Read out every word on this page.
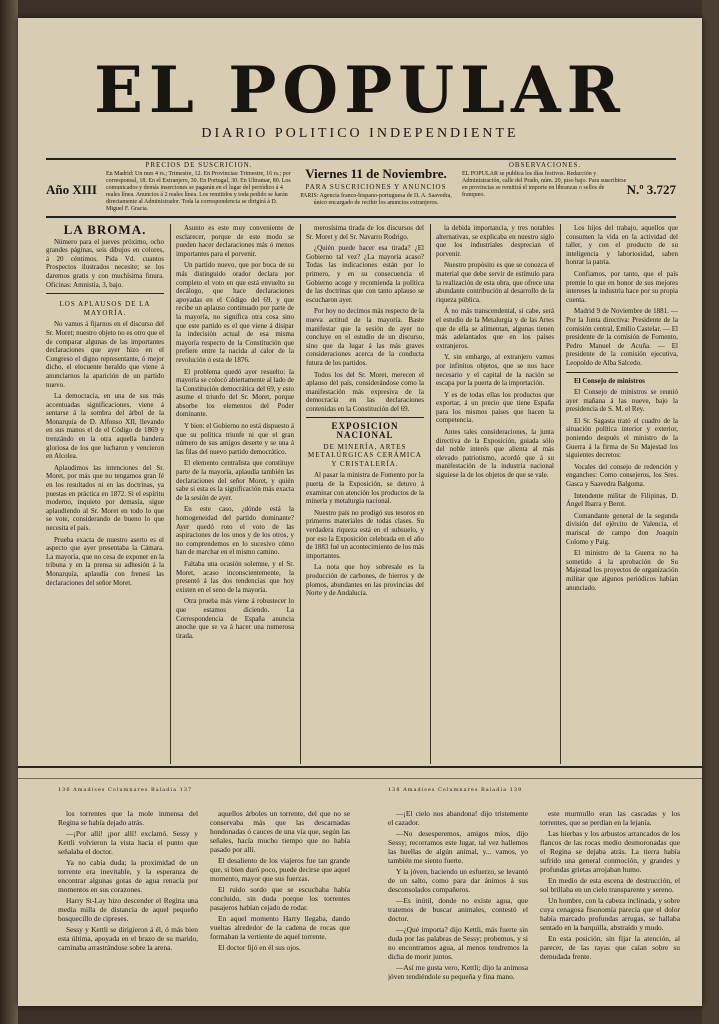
EL POPULAR
DIARIO POLITICO INDEPENDIENTE
Año XIII
PRECIOS DE SUSCRICION.
En Madrid: Un mes 4 rs.; Trimestre, 12. En Provincias: Trimestre, 16 rs.; por corresponsal, 18. En el Extranjero, 30. En Portugal, 30. En Ultramar, 80. Los comunicados y demás inserciones se pagarán en el lugar del periódico á 4 reales línea. Anuncios á 2 reales línea. Los remitidos y toda pedido se harán directamente al Administrador. Toda la correspondencia se dirigirá á D. Miguel F. Gracia.
Viernes 11 de Noviembre.
PARA SUSCRICIONES Y ANUNCIOS
PARIS: Agencia franco-hispano-portuguesa de D. A. Saavedra, único encargado de recibir los anuncios extranjeros.
OBSERVACIONES.
EL POPULAR se publica los días festivos. Redacción y Administración, calle del Prado, núm. 20, piso bajo. Para suscribirse en provincias se remitirá el importe en libranzas o sellos de franqueo.	N.º 3.727
LA BROMA.

Número para el jueves próximo, ocho grandes páginas, seis dibujos en colores, á 20 céntimos. Pida Vd. cuantos Prospectos ilustrados necesite; se los daremos gratis y con muchísima finura. Oficinas: Amnistía, 3, bajo.

LOS APLAUSOS DE LA MAYORÍA.

No vamos á fijarnos en el discurso del Sr. Moret; nuestro objeto no es otro que el de comparar algunas de las importantes declaraciones que ayer hizo en el Congreso el digno representante, ó mejor dicho, el elocuente heraldo que viene á anunciarnos la aparición de un partido nuevo.

La democracia, en una de sus más accentuadas significaciones, viene á sentarse á la sombra del árbol de la Monarquía de D. Alfonso XII, llevando en sus manos el de el Código de 1869 y trenzándo en la otra aquella bandera gloriosa de los que lucharon y vencieron en Alcolea.

Aplaudimos las intenciones del Sr. Moret, por más que no tengamos gran fé en los resultados ni en las doctrinas, ya puestas en práctica en 1872. Si el espíritu moderno, inquieto por demasía, sigue aplaudiendo al Sr. Moret en todo lo que se vote, considerando de bueno lo que necesita el país.

Prueba exacta de nuestro aserto es el aspecto que ayer presentaba la Cámara. La mayoría, que no cesa de exponer en la tribuna y en la prensa su adhesión á la Monarquía, aplaudía con frenesí las declaraciones del señor Moret.

Asunto es este muy conveniente de esclarecer, porque de este modo se pueden hacer declaraciones más ó menos importantes para el porvenir.

Un partido nuevo, que por boca de su más distinguido orador declara por completo el voto en que está envuelto su decálogo, que hace declaraciones apoyadas en el Código del 69, y que recibe un aplauso continuado por parte de la mayoría, no significa otra cosa sino que este partido es el que viene á disipar la indecisión actual de esa misma mayoría respecto de la Constitución que prefiere entre la nacida al calor de la revolución ó esta de 1876.

El problema quedó ayer resuelto: la mayoría se colocó abiertamente al lado de la Constitución democrática del 69, y esto asume el triunfo del Sr. Moret, porque absorbe los elementos del Poder dominante.

Y bien: el Gobierno no está dispuesto á que su política triunfe ni que el gran número de sus amigos deserte y se una á las filas del nuevo partido democrático.

El elemento centralista que constituye parte de la mayoría, aplaudía también las declaraciones del señor Moret, y quién sabe si esta es la significación más exacta de la sesión de ayer.

En este caso, ¿dónde está la homogeneidad del partido dominante? Ayer quedó roto el voto de las aspiraciones de los unos y de los otros, y no comprendemos en lo sucesivo cómo han de marchar en el mismo camino.

Faltaba una ocasión solemne, y el Sr. Moret, acaso inconscientemente, la presentó á las dos tendencias que hoy existen en el seno de la mayoría.

Otra prueba más viene á robustecer lo que estamos diciendo. La Correspondencia de España anuncia anoche que se va á hacer una numerosa tirada.

merosísima tirada de los discursos del Sr. Moret y del Sr. Navarro Rodrigo.

¿Quién puede hacer esa tirada? ¿El Gobierno tal vez? ¿La mayoría acaso? Todas las indicaciones están por lo primero, y en su consecuencia el Gobierno acoge y recomienda la política de las doctrinas que con tanto aplauso se escucharon ayer.

Por hoy no decimos más respecto de la nueva actitud de la mayoría. Baste manifestar que la sesión de ayer no concluye en el estudio de un discurso, sino que da lugar á las más graves consideraciones acerca de la conducta futura de los partidos.

Todos los del Sr. Moret, merecen el aplauso del país, considerándose como la manifestación más expresiva de la democracia en las declaraciones contenidas en la Constitución del 69.

EXPOSICION NACIONAL
DE MINERÍA, ARTES METALÚRGICAS CERÁMICA Y CRISTALERÍA.

Al pasar la ministra de Fomento por la puerta de la Exposición, se detuvo á examinar con atención los productos de la minería y metalurgia nacional.

Nuestro país no prodigó sus tesoros en primeros materiales de todas clases. Su verdadera riqueza está en el subsuelo, y por eso la Exposición celebrada en el año de 1883 fué un acontecimiento de los más importantes.

La nota que hoy sobresale es la producción de carbones, de hierros y de plomos, abundantes en las provincias del Norte y de Andalucía.

la debida importancia, y tres notables alternativas, se explicaba en nuestro siglo que los industriales desprecian el porvenir.

Nuestro propósito es que se conozca el material que debe servir de estímulo para la realización de esta obra, que ofrece una abundante contribución al desarrollo de la riqueza pública.

Á no más transcendental, si cabe, será el estudio de la Metalurgia y de las Artes que de ella se alimentan, algunas tienen más adelantados que en los países extranjeros.

Y, sin embargo, al extranjero vamos por infinitos objetos, que se nos hace necesario y el capital de la nación se escapa por la puerta de la importación.

Y es de todas ellas los productos que exportar, á un precio que tiene España para los mismos países que hacen la competencia.

Antes tales consideraciones, la junta directiva de la Exposición, guiada sólo del noble interés que alienta al más elevado patriotismo, acordó que á su manifestación de la industria nacional siguiese la de los objetos de que se vale.

Los hijos del trabajo, aquellos que consumen la vida en la actividad del taller, y con el producto de su inteligencia y laboriosidad, saben honrar la patria.

Confiamos, por tanto, que el país premie lo que en honor de sus mejores intereses la industria hace por su propia cuenta.

Madrid 9 de Noviembre de 1881. — Por la Junta directiva: Presidente de la comisión central, Emilio Castelar. — El presidente de la comisión de Fomento, Pedro Manuel de Acuña. — El presidente de la comisión ejecutiva, Leopoldo de Alba Salcedo.

El Consejo de ministros

El Consejo de ministros se reunió ayer mañana á las nueve, bajo la presidencia de S. M. el Rey.

El Sr. Sagasta trató el cuadro de la situación política interior y exterior, poniendo después el ministro de la Guerra á la firma de Su Majestad los siguientes decretos:

Vocales del consejo de redención y enganches: Como consejeros, los Sres. Gasca y Saavedra Balgoma.

Intendente militar de Filipinas, D. Ángel Ibarra y Berot.

Comandante general de la segunda división del ejército de Valencia, el mariscal de campo don Joaquín Colomo y Paig.

El ministro de la Guerra no ha sometido á la aprobación de Su Majestad los proyectos de organización militar que algunos periódicos habían anunciado.

136 Amadíses Columnares Baladía 137	138 Amadíses Columnares Baladía 139

los torrentes que la mole inmensa del Regina se había dejado atrás.

—¡Por allí! ¡por allí! exclamó. Sessy y Kettli volvieron la vista hacia el punto que señalaba el doctor.

Ya no cabía duda; la proximidad de un torrente era inevitable, y la esperanza de encontrar algunas gotas de agua renacía por momentos en sus corazones.

Harry St-Lay hizo descender el Regina una media milla de distancia de aquel pequeño bosquecillo de cipreses.

Sessy y Kettli se dirigieron á él, ó más bien esta última, apoyada en el brazo de su marido, caminaba arrastrándose sobre la arena.

aquellos árboles un torrente, del que no se conservaba más que las descarnadas hondonadas ó cauces de una vía que, según las señales, hacía mucho tiempo que no había pasado por allí.

El desaliento de los viajeros fue tan grande que, si bien duró poco, puede decirse que aquel momento, mayor que sus fuerzas.

El ruido sordo que se escuchaba había concluido, sin duda porque los torrentes pasajeros habían cejado de rodar.

En aquel momento Harry llegaba, dando vueltas alrededor de la cadena de rocas que formaban la vertiente de aquel torrente.

El doctor fijó en él sus ojos.

—¡El cielo nos abandona! dijo tristemente el cazador.

—No desesperemos, amigos míos, dijo Sessy; recorramos este lugar, tal vez hallemos las huellas de algún animal, y... vamos, yo también me siento fuerte.

Y la jóven, haciendo un esfuerzo, se levantó de un salto, como para dar ánimos á sus desconsolados compañeros.

—Es inútil, donde no existe agua, que tratemos de buscar animales, contestó el doctor.

—¿Qué importa? dijo Kettli, más fuerte sin duda por las palabras de Sessy; probemos, y si no encontramos agua, al menos tendremos la dicha de morir juntos.

—Así me gusta vero, Kettli; dijo la animosa jóven tendiéndole su pequeña y fina mano.

este murmullo eran las cascadas y los torrentes, que se perdían en la lejanía.

Las hierbas y los arbustos arrancados de los flancos de las rocas medio desmoronadas que el Regina se dejaba atrás. La tierra había sufrido una general conmoción, y grandes y profundas grietas arrojaban humo.

En medio de esta escena de destrucción, el sol brillaba en un cielo transparente y sereno.

Un hombre, con la cabeza inclinada, y sobre cuya cenagosa fisonomía parecía que el dolor había marcado profundas arrugas, se hallaba sentado en la barquilla, abstraído y mudo.

En esta posición, sin fijar la atención, al parecer, de las rayas que caían sobre su demudada frente.
